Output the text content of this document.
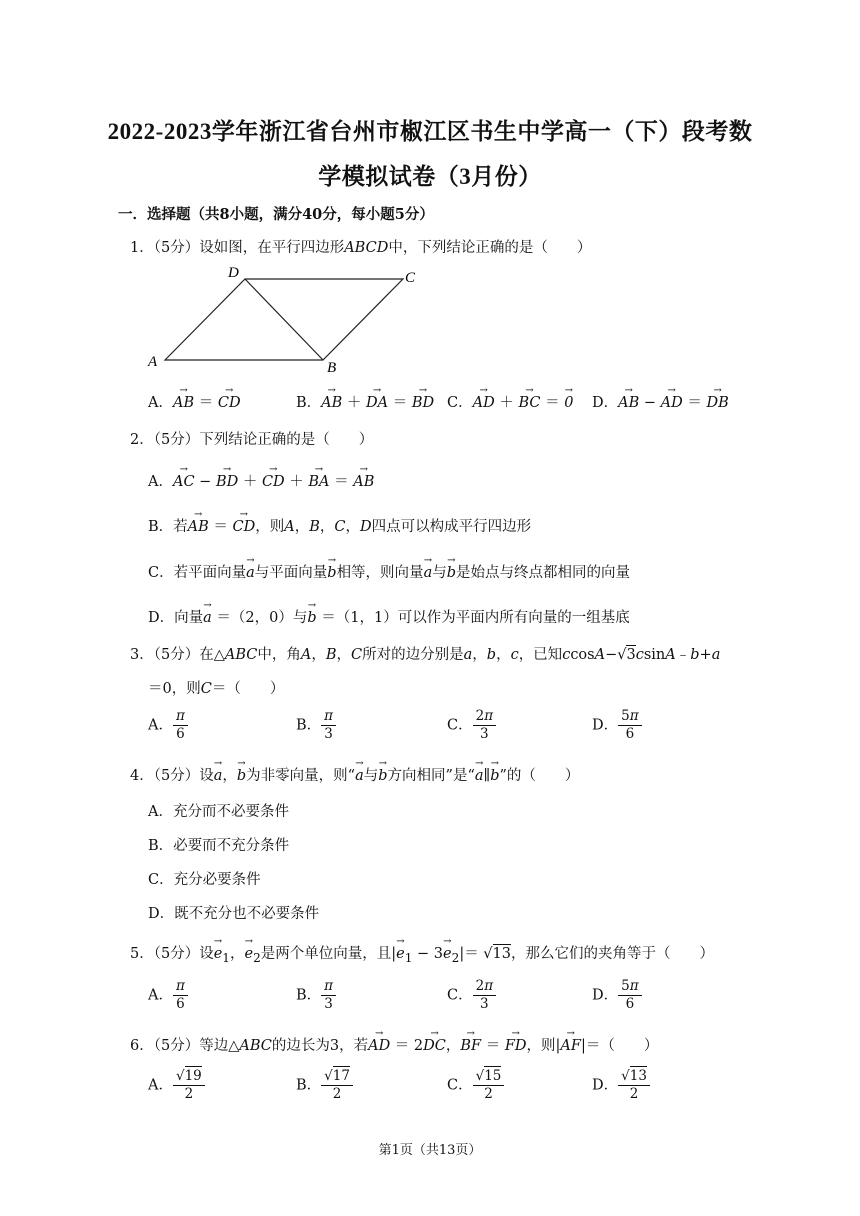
2022-2023学年浙江省台州市椒江区书生中学高一（下）段考数
学模拟试卷（3月份）
一．选择题（共8小题，满分40分，每小题5分）
1．（5分）设如图，在平行四边形ABCD中，下列结论正确的是（　　）
A	B
C
D
A．→ AB ＝ → CD	B．→ AB ＋ → DA ＝ → BD C．→ AD ＋ → BC ＝ → 0 D．→ AB − → AD ＝ → DB
2．（5分）下列结论正确的是（　　）
A．→ AC − → BD ＋ → CD ＋ → BA ＝ → AB
B．若→ AB ＝ → CD，则A，B，C，D四点可以构成平行四边形
C．若平面向量→ a与平面向量→ b相等，则向量→ a与→ b是始点与终点都相同的向量
D．向量→ a ＝（2，0）与→ b ＝（1，1）可以作为平面内所有向量的一组基底
3．（5分）在△ABC中，角A，B，C所对的边分别是a，b，c，已知ccosA−√3csinA﹣b+a
＝0，则C＝（　　）
A． $\frac{\pi}{6}$	B． $\frac{\pi}{3}$	C． $\frac{2\pi}{3}$	D． $\frac{5\pi}{6}$
4．（5分）设→ a，→ b为非零向量，则“→ a与→ b方向相同”是“→ a∥→ b”的（　　）
A．充分而不必要条件
B．必要而不充分条件
C．充分必要条件
D．既不充分也不必要条件
5．（5分）设→ $e_1$，→ $e_2$是两个单位向量，且|→ $e_1 - 3\to e_2|= √13$，那么它们的夹角等于（　　）
A． $\frac{\pi}{6}$	B． $\frac{\pi}{3}$	C． $\frac{2\pi}{3}$	D． $\frac{5\pi}{6}$
6．（5分）等边△ABC的边长为3，若→ AD ＝ 2→ DC，→ BF ＝ → FD，则|→ AF|＝（　　）
A． $\frac{√19}{2}$	B． $\frac{√17}{2}$	C． $\frac{√15}{2}$	D． $\frac{√13}{2}$
第1页（共13页）
